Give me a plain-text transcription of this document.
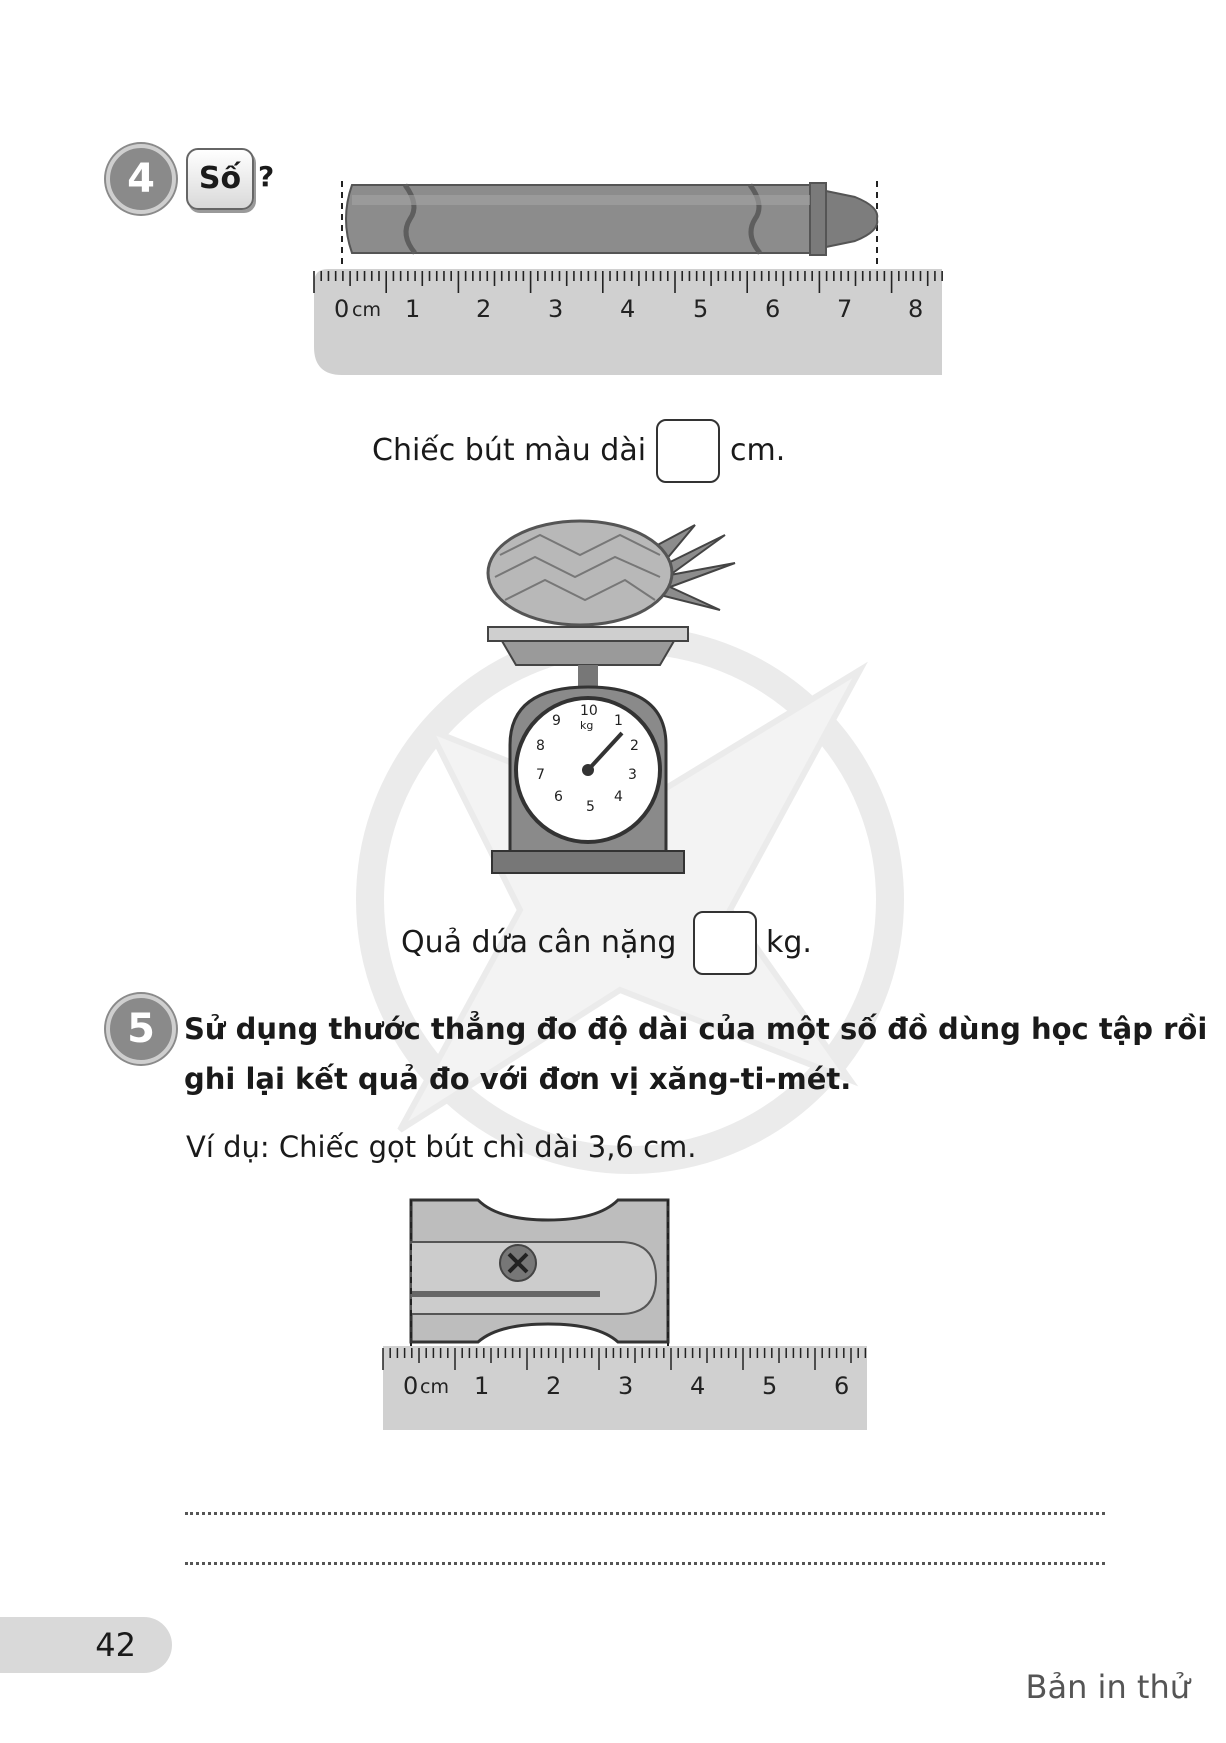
4	Số ?
0 cm 1 2 3 4 5 6 7 8
Chiếc bút màu dài	cm.
10
kg 1
2
3
4
5
6
7
8
9
Quả dứa cân nặng	kg.
5	Sử dụng thước thẳng đo độ dài của một số đồ dùng học tập rồi
ghi lại kết quả đo với đơn vị xăng-ti-mét.
Ví dụ: Chiếc gọt bút chì dài 3,6 cm.
0 cm 1 2 3 4 5 6
42
Bản in thử
